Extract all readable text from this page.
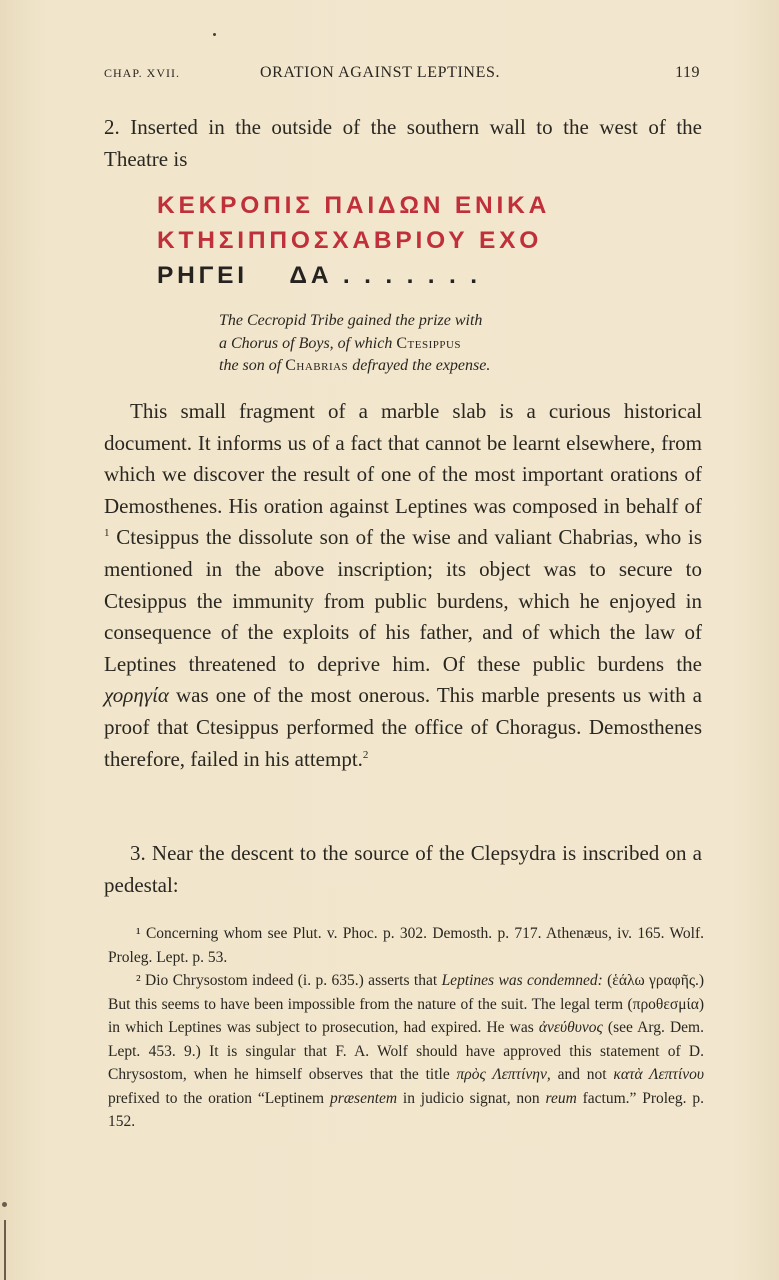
CHAP. XVII.	ORATION AGAINST LEPTINES.	119
2. Inserted in the outside of the southern wall to the west of the Theatre is
ΚΕΚΡΟΠΙΣ ΠΑΙΔΩΝ ΕΝΙΚΑ
ΚΤΗΣΙΠΠΟΣΧΑΒΡΙΟΥ ΕΧΟ
ΡΗΓΕΙ    ΔΑ . . . . . . .
The Cecropid Tribe gained the prize with
a Chorus of Boys, of which Ctesippus
the son of Chabrias defrayed the expense.
This small fragment of a marble slab is a curious historical document. It informs us of a fact that cannot be learnt elsewhere, from which we discover the result of one of the most important orations of Demosthenes. His oration against Leptines was composed in behalf of $^1$ Ctesippus the dissolute son of the wise and valiant Chabrias, who is mentioned in the above inscription; its object was to secure to Ctesippus the immunity from public burdens, which he enjoyed in consequence of the exploits of his father, and of which the law of Leptines threatened to deprive him. Of these public burdens the χορηγία was one of the most onerous. This marble presents us with a proof that Ctesippus performed the office of Choragus. Demosthenes therefore, failed in his attempt.$^2$
3. Near the descent to the source of the Clepsydra is inscribed on a pedestal:
¹ Concerning whom see Plut. v. Phoc. p. 302. Demosth. p. 717. Athenæus, iv. 165. Wolf. Proleg. Lept. p. 53.
² Dio Chrysostom indeed (i. p. 635.) asserts that Leptines was condemned: (ἑάλω γραφῆς.) But this seems to have been impossible from the nature of the suit. The legal term (προθεσμία) in which Leptines was subject to prosecution, had expired. He was ἀνεύθυνος (see Arg. Dem. Lept. 453. 9.) It is singular that F. A. Wolf should have approved this statement of D. Chrysostom, when he himself observes that the title πρὸς Λεπτίνην, and not κατὰ Λεπτίνου prefixed to the oration “Leptinem præsentem in judicio signat, non reum factum.” Proleg. p. 152.
